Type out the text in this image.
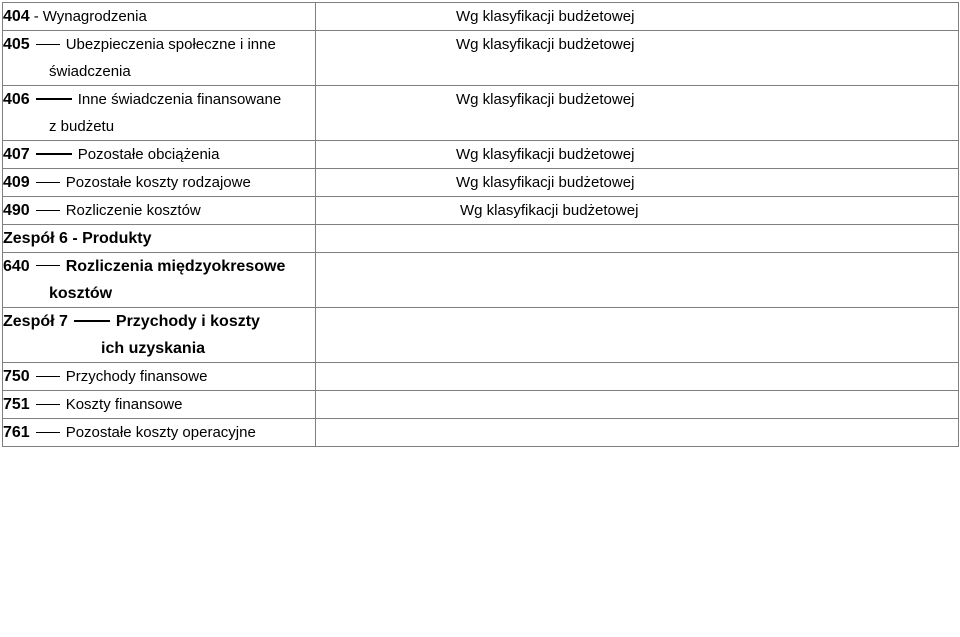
404 - Wynagrodzenia	Wg klasyfikacji budżetowej

405 Ubezpieczenia społeczne i inne
świadczenia	Wg klasyfikacji budżetowej

406 Inne świadczenia finansowane
z budżetu	Wg klasyfikacji budżetowej

407 Pozostałe obciążenia	Wg klasyfikacji budżetowej

409 Pozostałe koszty rodzajowe	Wg klasyfikacji budżetowej

490 Rozliczenie kosztów	Wg klasyfikacji budżetowej

Zespół 6 - Produkty	

640 Rozliczenia międzyokresowe
kosztów	

Zespół 7 Przychody i koszty
ich uzyskania	

750 Przychody finansowe	

751 Koszty finansowe	

761 Pozostałe koszty operacyjne	
